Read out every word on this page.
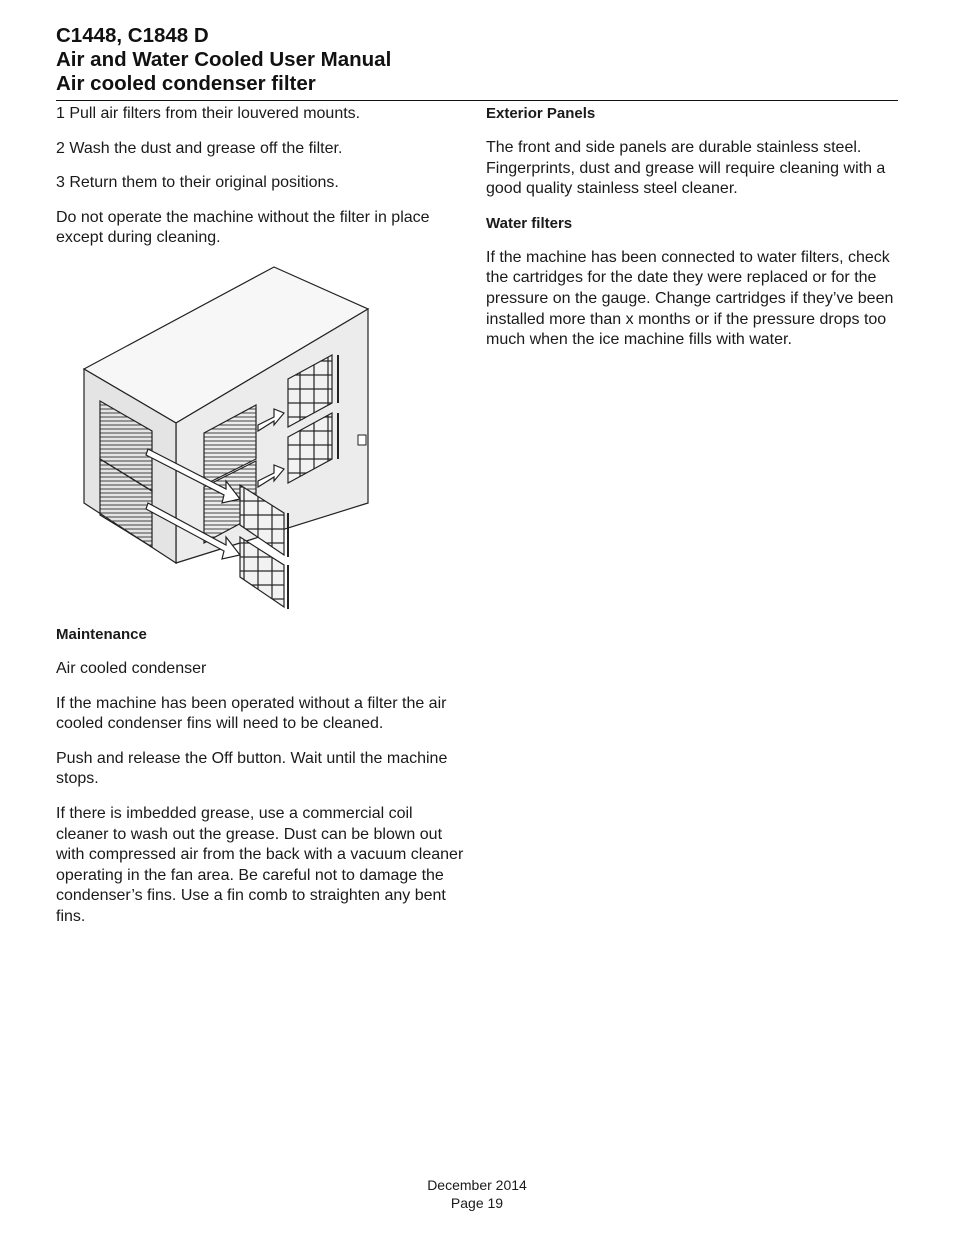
C1448, C1848 D
Air and Water Cooled User Manual
Air cooled condenser filter

1 Pull air filters from their louvered mounts.

2 Wash the dust and grease off the filter.

3 Return them to their original positions.

Do not operate the machine without the filter in place except during cleaning.

Maintenance

Air cooled condenser

If the machine has been operated without a filter the air cooled condenser fins will need to be cleaned.

Push and release the Off button. Wait until the machine stops.

If there is imbedded grease, use a commercial coil cleaner to wash out the grease. Dust can be blown out with compressed air from the back with a vacuum cleaner operating in the fan area. Be careful not to damage the condenser’s fins. Use a fin comb to straighten any bent fins.

Exterior Panels

The front and side panels are durable stainless steel. Fingerprints, dust and grease will require cleaning with a good quality stainless steel cleaner.

Water filters

If the machine has been connected to water filters, check the cartridges for the date they were replaced or for the pressure on the gauge. Change cartridges if they’ve been installed more than x months or if the pressure drops too much when the ice machine fills with water.

December 2014
Page 19
